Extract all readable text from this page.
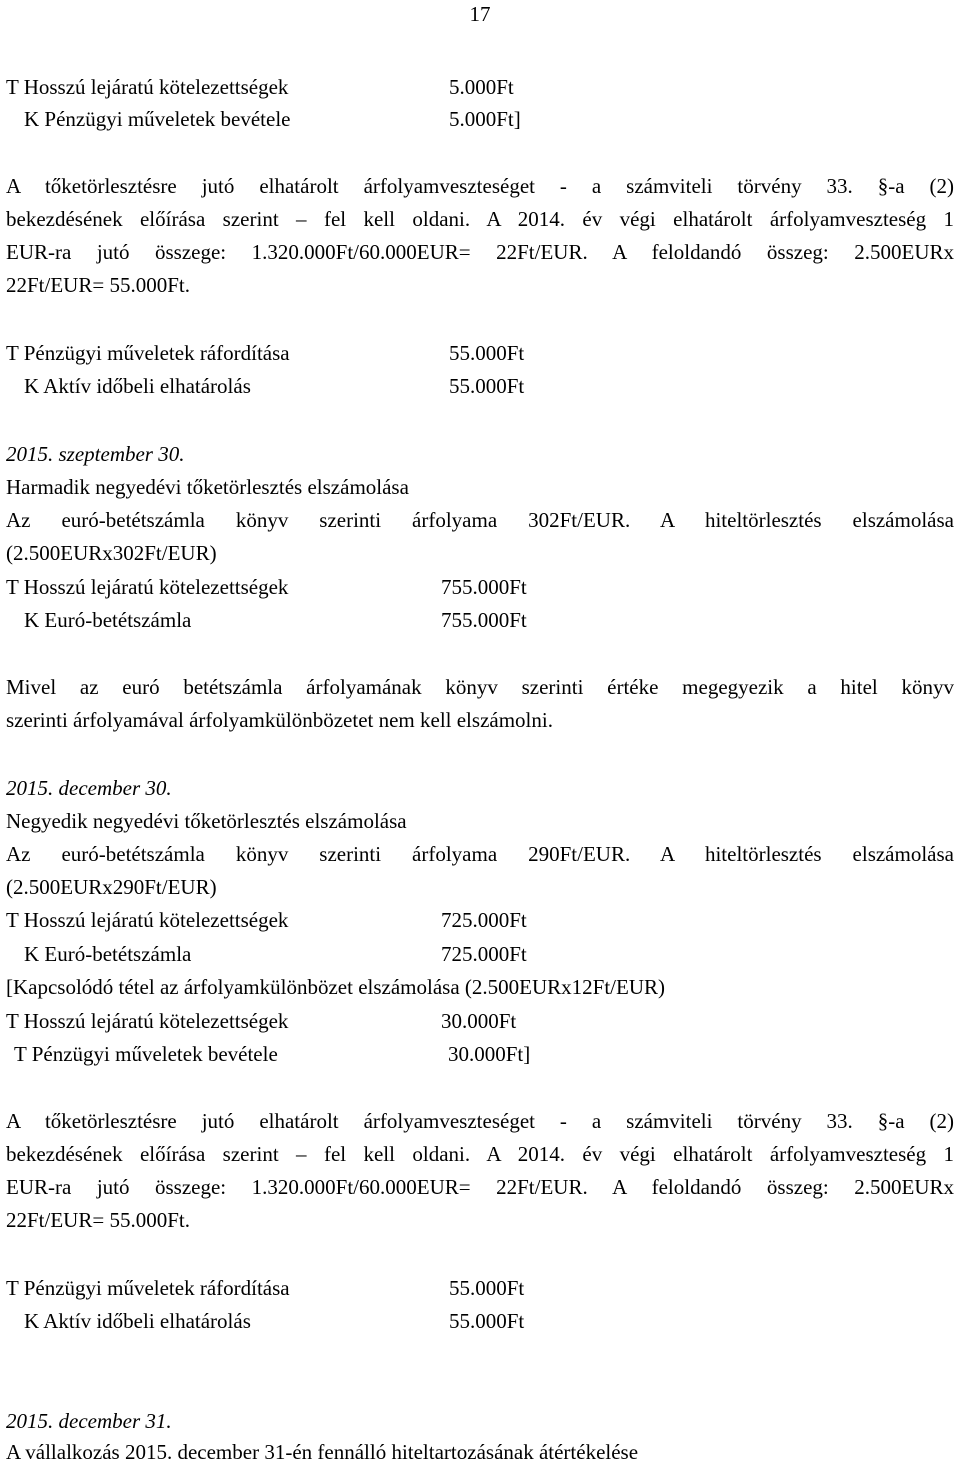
17
T Hosszú lejáratú kötelezettségek	5.000Ft
K Pénzügyi műveletek bevétele	5.000Ft]
A tőketörlesztésre jutó elhatárolt árfolyamveszteséget - a számviteli törvény 33. §-a (2)
bekezdésének előírása szerint – fel kell oldani. A 2014. év végi elhatárolt árfolyamveszteség 1
EUR-ra jutó összege: 1.320.000Ft/60.000EUR= 22Ft/EUR. A feloldandó összeg: 2.500EURx
22Ft/EUR= 55.000Ft.
T Pénzügyi műveletek ráfordítása	55.000Ft
K Aktív időbeli elhatárolás	55.000Ft
2015. szeptember 30.
Harmadik negyedévi tőketörlesztés elszámolása
Az euró-betétszámla könyv szerinti árfolyama 302Ft/EUR. A hiteltörlesztés elszámolása
(2.500EURx302Ft/EUR)
T Hosszú lejáratú kötelezettségek	755.000Ft
K Euró-betétszámla	755.000Ft
Mivel az euró betétszámla árfolyamának könyv szerinti értéke megegyezik a hitel könyv
szerinti árfolyamával árfolyamkülönbözetet nem kell elszámolni.
2015. december 30.
Negyedik negyedévi tőketörlesztés elszámolása
Az euró-betétszámla könyv szerinti árfolyama 290Ft/EUR. A hiteltörlesztés elszámolása
(2.500EURx290Ft/EUR)
T Hosszú lejáratú kötelezettségek	725.000Ft
K Euró-betétszámla	725.000Ft
[Kapcsolódó tétel az árfolyamkülönbözet elszámolása (2.500EURx12Ft/EUR)
T Hosszú lejáratú kötelezettségek	30.000Ft
T Pénzügyi műveletek bevétele	30.000Ft]
A tőketörlesztésre jutó elhatárolt árfolyamveszteséget - a számviteli törvény 33. §-a (2)
bekezdésének előírása szerint – fel kell oldani. A 2014. év végi elhatárolt árfolyamveszteség 1
EUR-ra jutó összege: 1.320.000Ft/60.000EUR= 22Ft/EUR. A feloldandó összeg: 2.500EURx
22Ft/EUR= 55.000Ft.
T Pénzügyi műveletek ráfordítása	55.000Ft
K Aktív időbeli elhatárolás	55.000Ft
2015. december 31.
A vállalkozás 2015. december 31-én fennálló hiteltartozásának átértékelése
